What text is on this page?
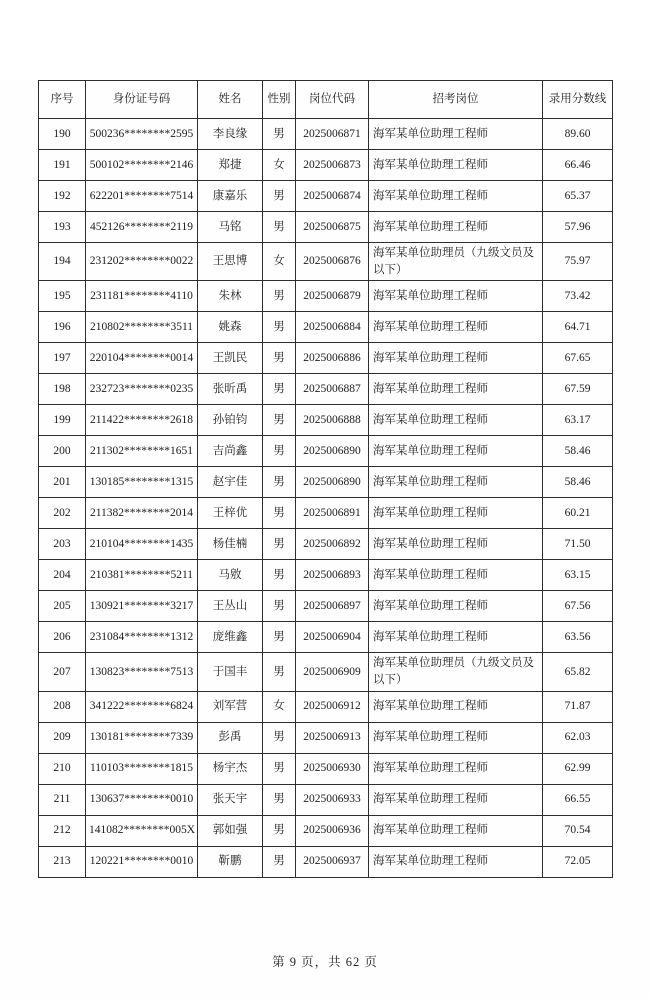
序号	身份证号码	姓名	性别	岗位代码	招考岗位	录用分数线
190	500236********2595	李良缘	男	2025006871	海军某单位助理工程师	89.60
191	500102********2146	郑捷	女	2025006873	海军某单位助理工程师	66.46
192	622201********7514	康嘉乐	男	2025006874	海军某单位助理工程师	65.37
193	452126********2119	马铭	男	2025006875	海军某单位助理工程师	57.96
194	231202********0022	王思博	女	2025006876	海军某单位助理员（九级文员及以下）	75.97
195	231181********4110	朱林	男	2025006879	海军某单位助理工程师	73.42
196	210802********3511	姚森	男	2025006884	海军某单位助理工程师	64.71
197	220104********0014	王凯民	男	2025006886	海军某单位助理工程师	67.65
198	232723********0235	张昕禹	男	2025006887	海军某单位助理工程师	67.59
199	211422********2618	孙铂钧	男	2025006888	海军某单位助理工程师	63.17
200	211302********1651	吉尚鑫	男	2025006890	海军某单位助理工程师	58.46
201	130185********1315	赵宇佳	男	2025006890	海军某单位助理工程师	58.46
202	211382********2014	王梓优	男	2025006891	海军某单位助理工程师	60.21
203	210104********1435	杨佳楠	男	2025006892	海军某单位助理工程师	71.50
204	210381********5211	马敫	男	2025006893	海军某单位助理工程师	63.15
205	130921********3217	王丛山	男	2025006897	海军某单位助理工程师	67.56
206	231084********1312	庞维鑫	男	2025006904	海军某单位助理工程师	63.56
207	130823********7513	于国丰	男	2025006909	海军某单位助理员（九级文员及以下）	65.82
208	341222********6824	刘军营	女	2025006912	海军某单位助理工程师	71.87
209	130181********7339	彭禹	男	2025006913	海军某单位助理工程师	62.03
210	110103********1815	杨宇杰	男	2025006930	海军某单位助理工程师	62.99
211	130637********0010	张天宇	男	2025006933	海军某单位助理工程师	66.55
212	141082********005X	郭如强	男	2025006936	海军某单位助理工程师	70.54
213	120221********0010	靳鹏	男	2025006937	海军某单位助理工程师	72.05
第 9 页，共 62 页
